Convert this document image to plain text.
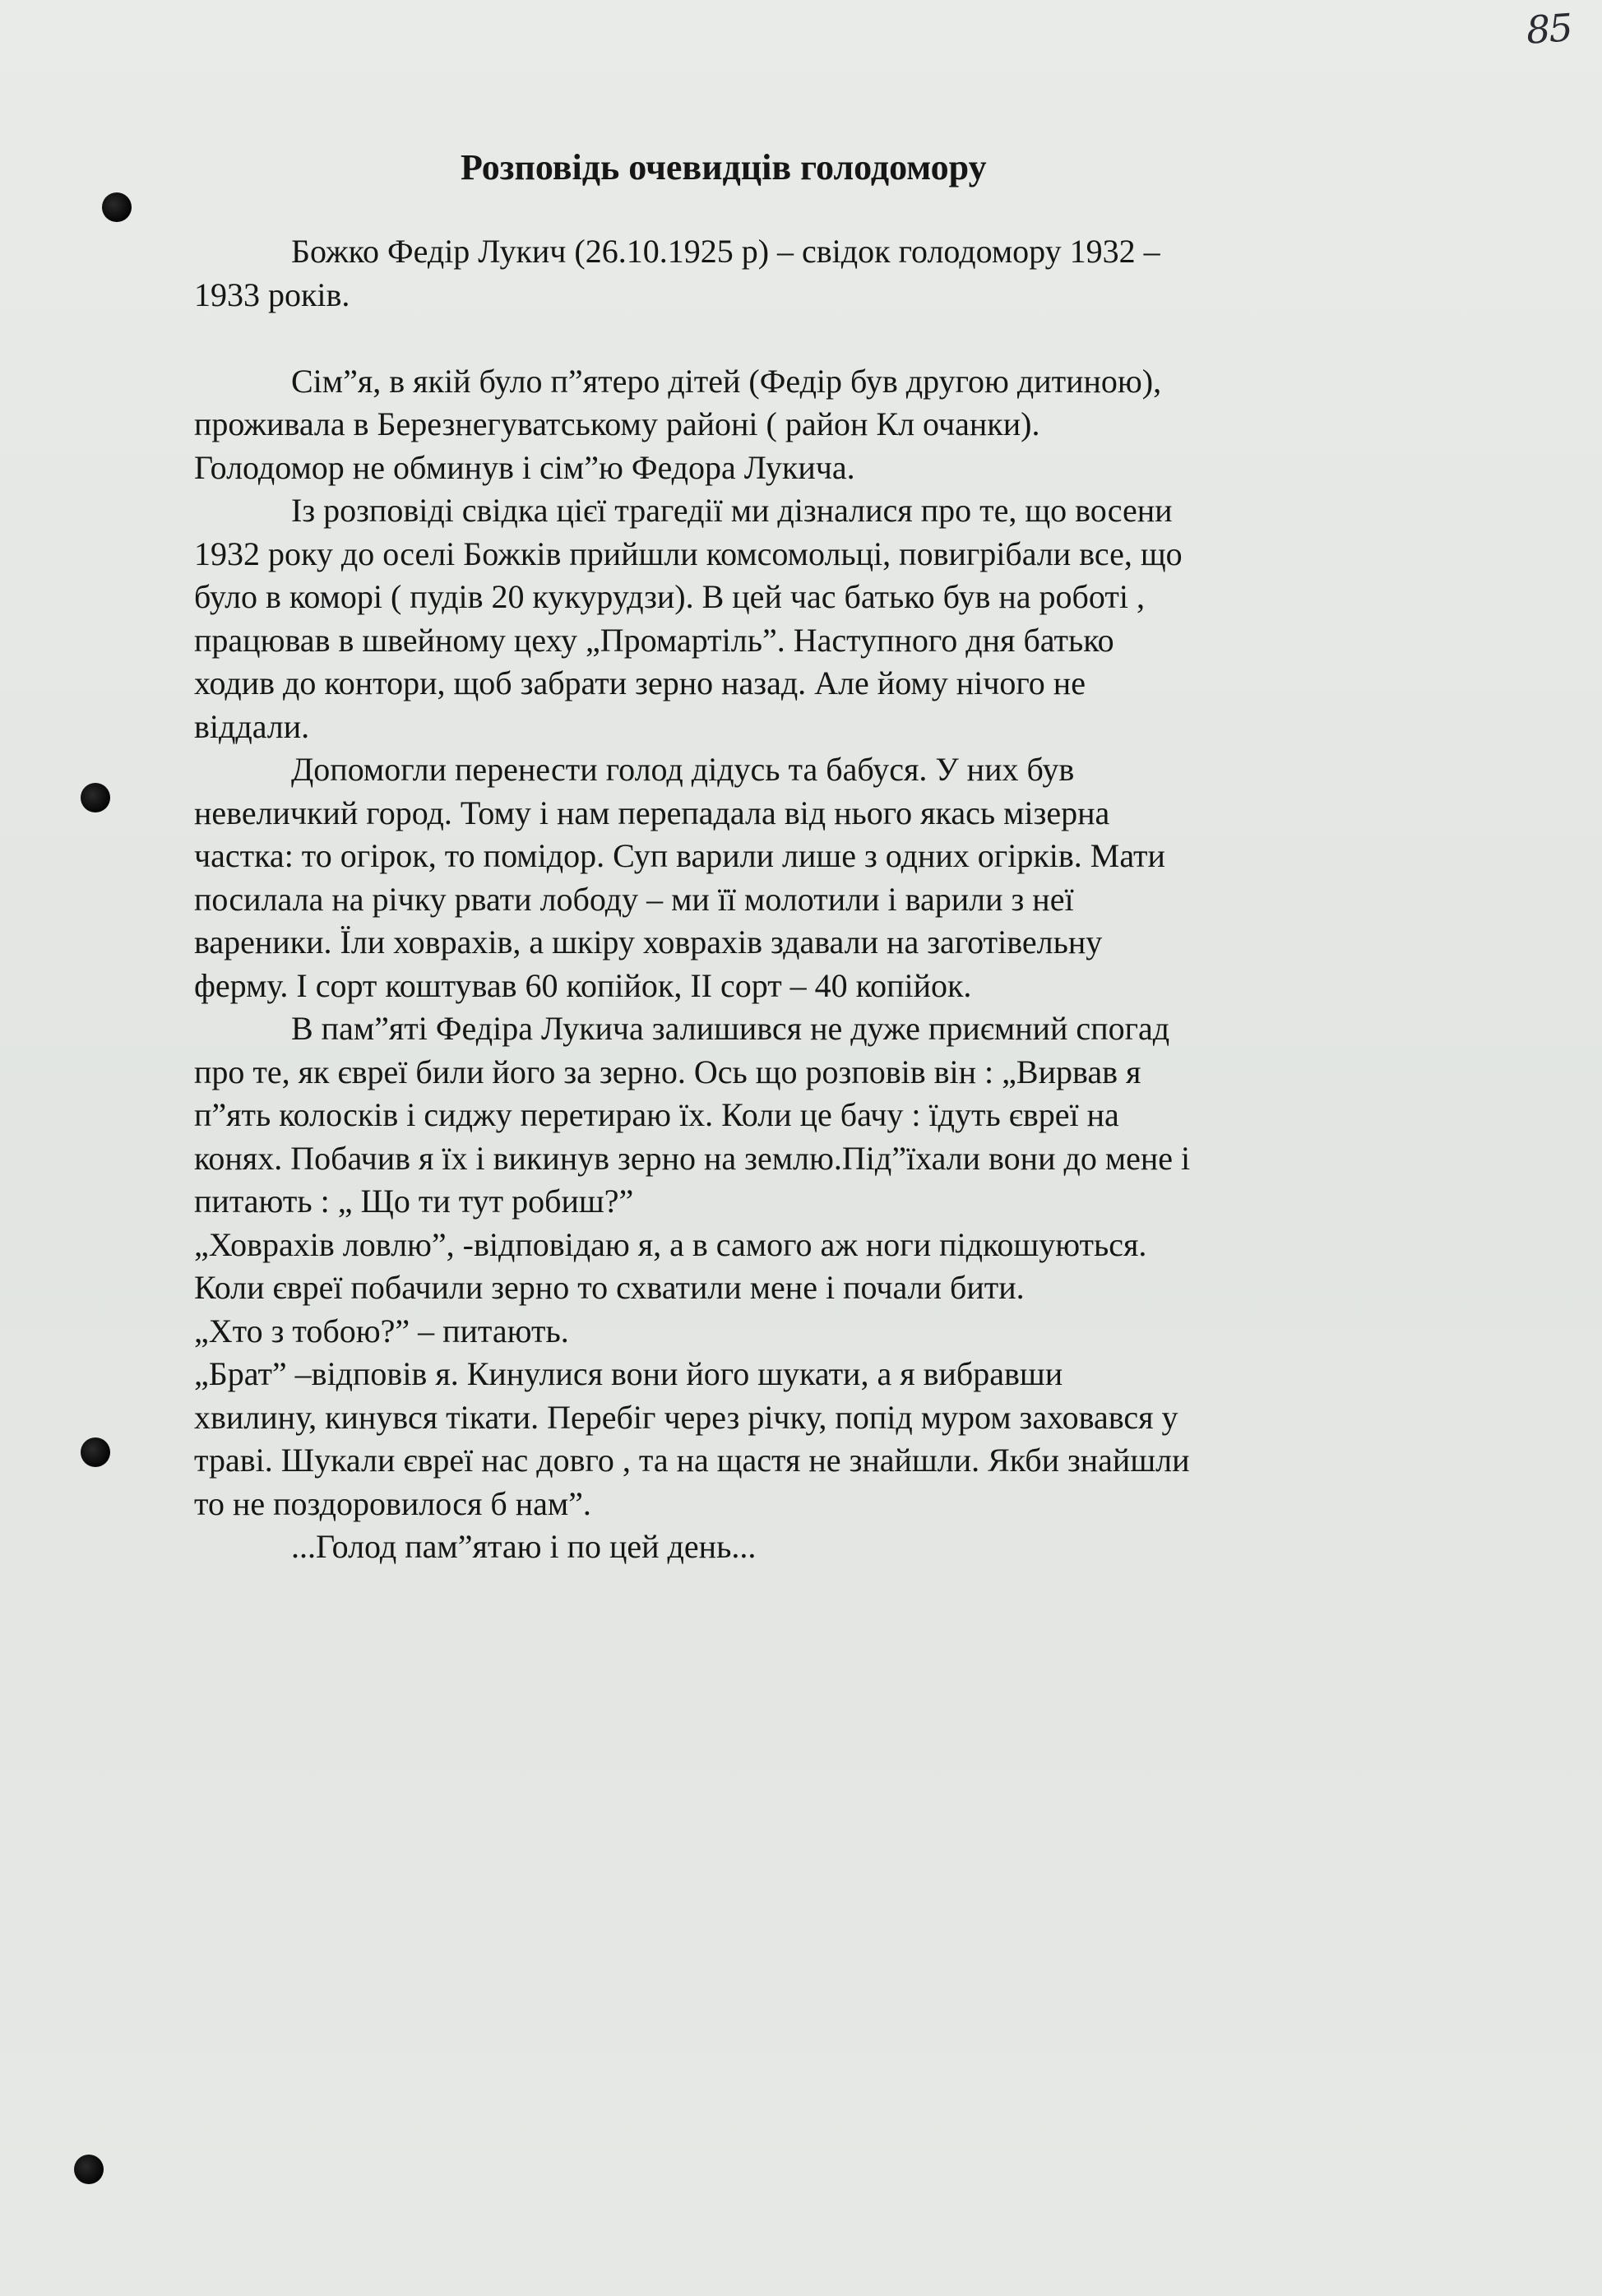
85
Розповідь очевидців голодомору
Божко Федір Лукич (26.10.1925 р) – свідок голодомору 1932 –
1933 років.
Сім”я, в якій було п”ятеро дітей (Федір був другою дитиною),
проживала в Березнегуватському районі ( район Кл очанки).
Голодомор не обминув і сім”ю Федора Лукича.
Із розповіді свідка цієї трагедії ми дізналися про те, що восени
1932 року до оселі Божків прийшли комсомольці, повигрібали все, що
було в коморі ( пудів 20 кукурудзи). В цей час батько був на роботі ,
працював в швейному цеху „Промартіль”. Наступного дня батько
ходив до контори, щоб забрати зерно назад. Але йому нічого не
віддали.
Допомогли перенести голод дідусь та бабуся. У них був
невеличкий город. Тому і нам перепадала від нього якась мізерна
частка: то огірок, то помідор. Суп варили лише з одних огірків. Мати
посилала на річку рвати лободу – ми її молотили і варили з неї
вареники. Їли ховрахів, а шкіру ховрахів здавали на заготівельну
ферму. І сорт коштував 60 копійок, ІІ сорт – 40 копійок.
В пам”яті Федіра Лукича залишився не дуже приємний спогад
про те, як євреї били його за зерно. Ось що розповів він : „Вирвав я
п”ять колосків і сиджу перетираю їх. Коли це бачу : їдуть євреї на
конях. Побачив я їх і викинув зерно на землю.Під”їхали вони до мене і
питають : „ Що ти тут робиш?”
„Ховрахів ловлю”, -відповідаю я, а в самого аж ноги підкошуються.
Коли євреї побачили зерно то схватили мене і почали бити.
„Хто з тобою?” – питають.
„Брат” –відповів я. Кинулися вони його шукати, а я вибравши
хвилину, кинувся тікати. Перебіг через річку, попід муром заховався у
траві. Шукали євреї нас довго , та на щастя не знайшли. Якби знайшли
то не поздоровилося б нам”.
...Голод пам”ятаю і по цей день...
